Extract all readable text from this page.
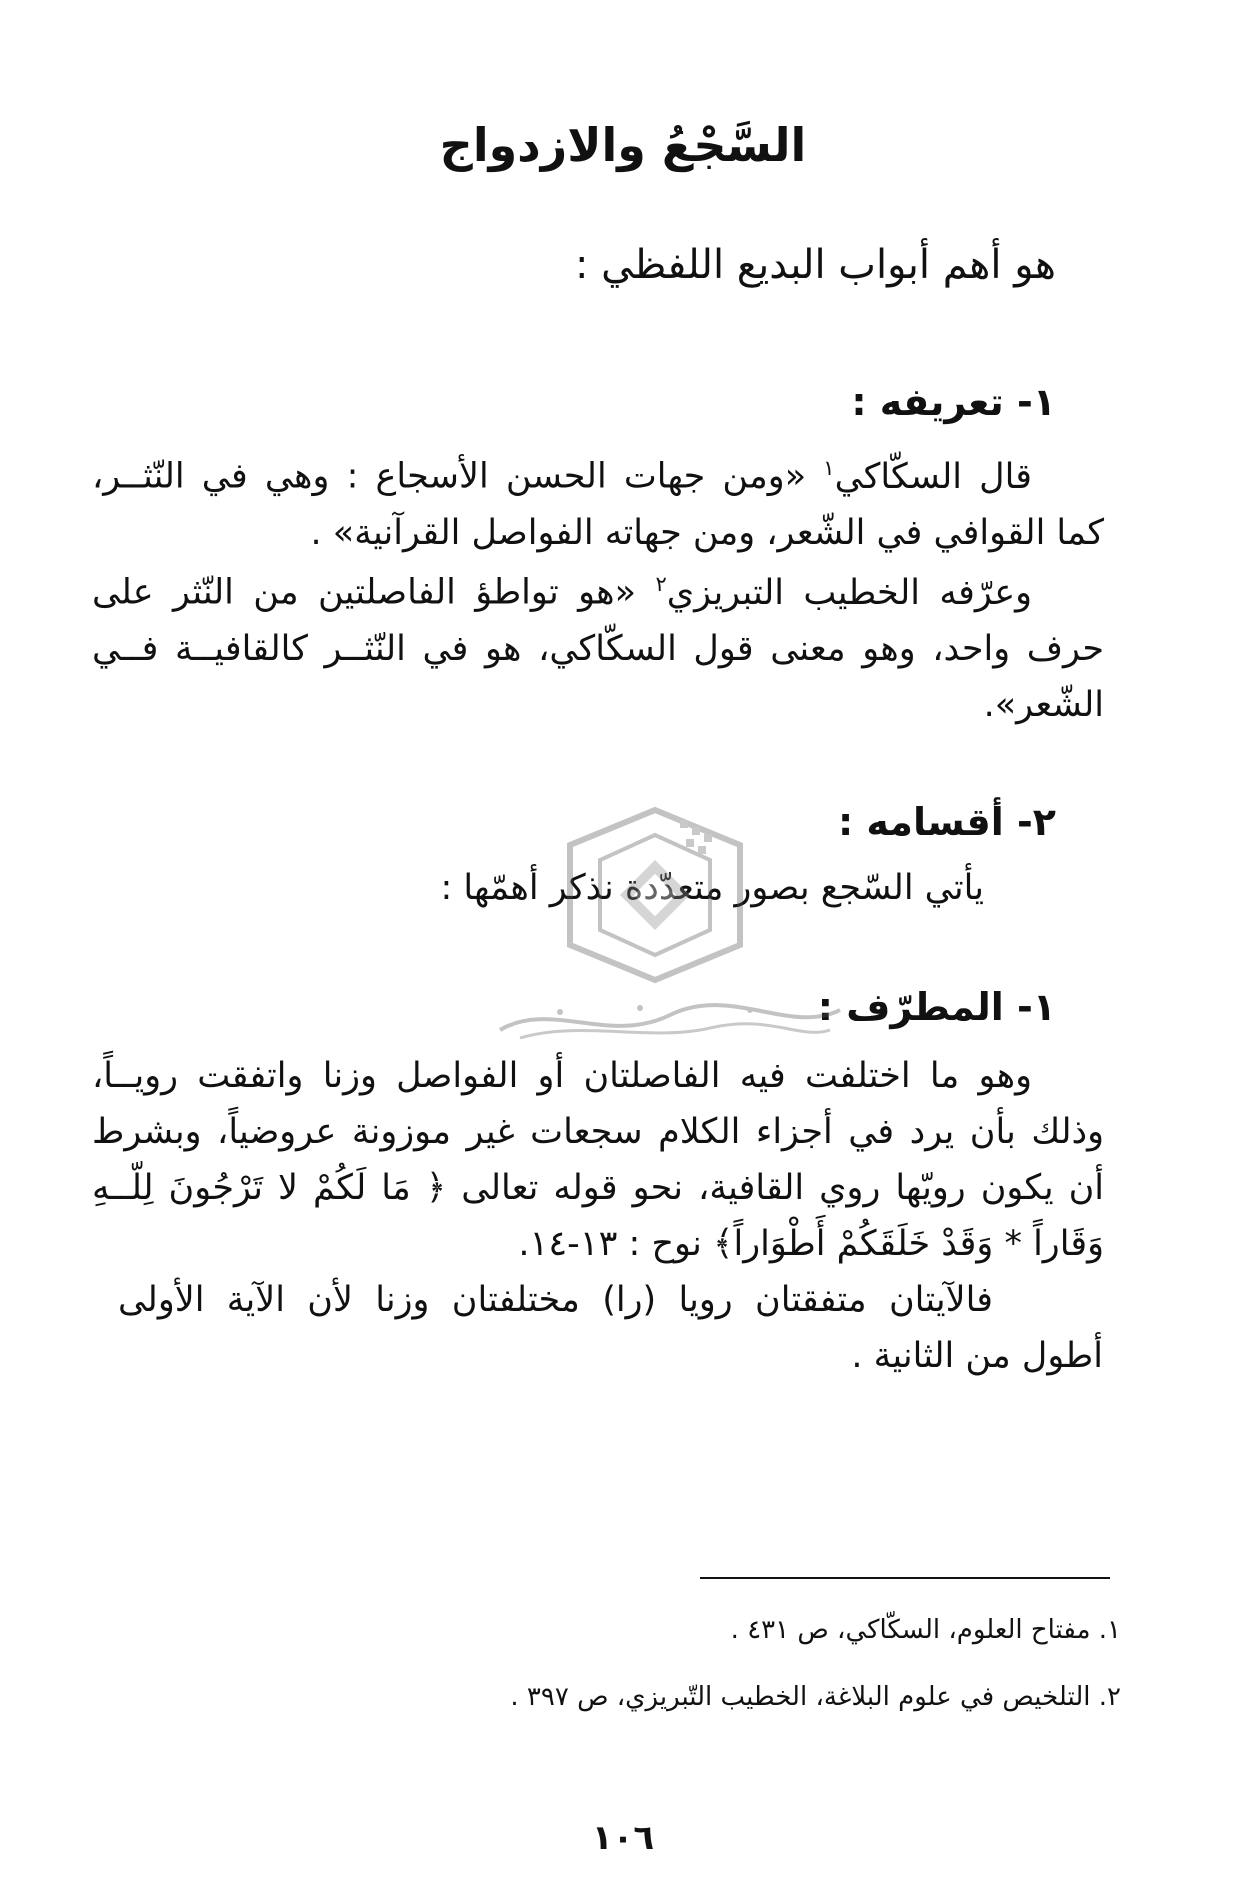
السَّجْعُ والازدواج
هو أهم أبواب البديع اللفظي :
١- تعريفه :
قال السكّاكي$^١$ «ومن جهات الحسن الأسجاع : وهي في النّثــر، كما القوافي في الشّعر، ومن جهاته الفواصل القرآنية» .
وعرّفه الخطيب التبريزي$^٢$ «هو تواطؤ الفاصلتين من النّثر على حرف واحد، وهو معنى قول السكّاكي، هو في النّثــر كالقافيــة فــي الشّعر».
٢- أقسامه :
يأتي السّجع بصور متعدّدة نذكر أهمّها :
١- المطرّف :
وهو ما اختلفت فيه الفاصلتان أو الفواصل وزنا واتفقت رويــاً، وذلك بأن يرد في أجزاء الكلام سجعات غير موزونة عروضياً، وبشرط أن يكون رويّها روي القافية، نحو قوله تعالى ﴿ مَا لَكُمْ لا تَرْجُونَ لِلّــهِ وَقَاراً * وَقَدْ خَلَقَكُمْ أَطْوَاراً﴾ نوح : ١٣-١٤.
فالآيتان متفقتان رويا (را) مختلفتان وزنا لأن الآية الأولى أطول من الثانية .
١. مفتاح العلوم، السكّاكي، ص ٤٣١ .
٢. التلخيص في علوم البلاغة، الخطيب التّبريزي، ص ٣٩٧ .
١٠٦
